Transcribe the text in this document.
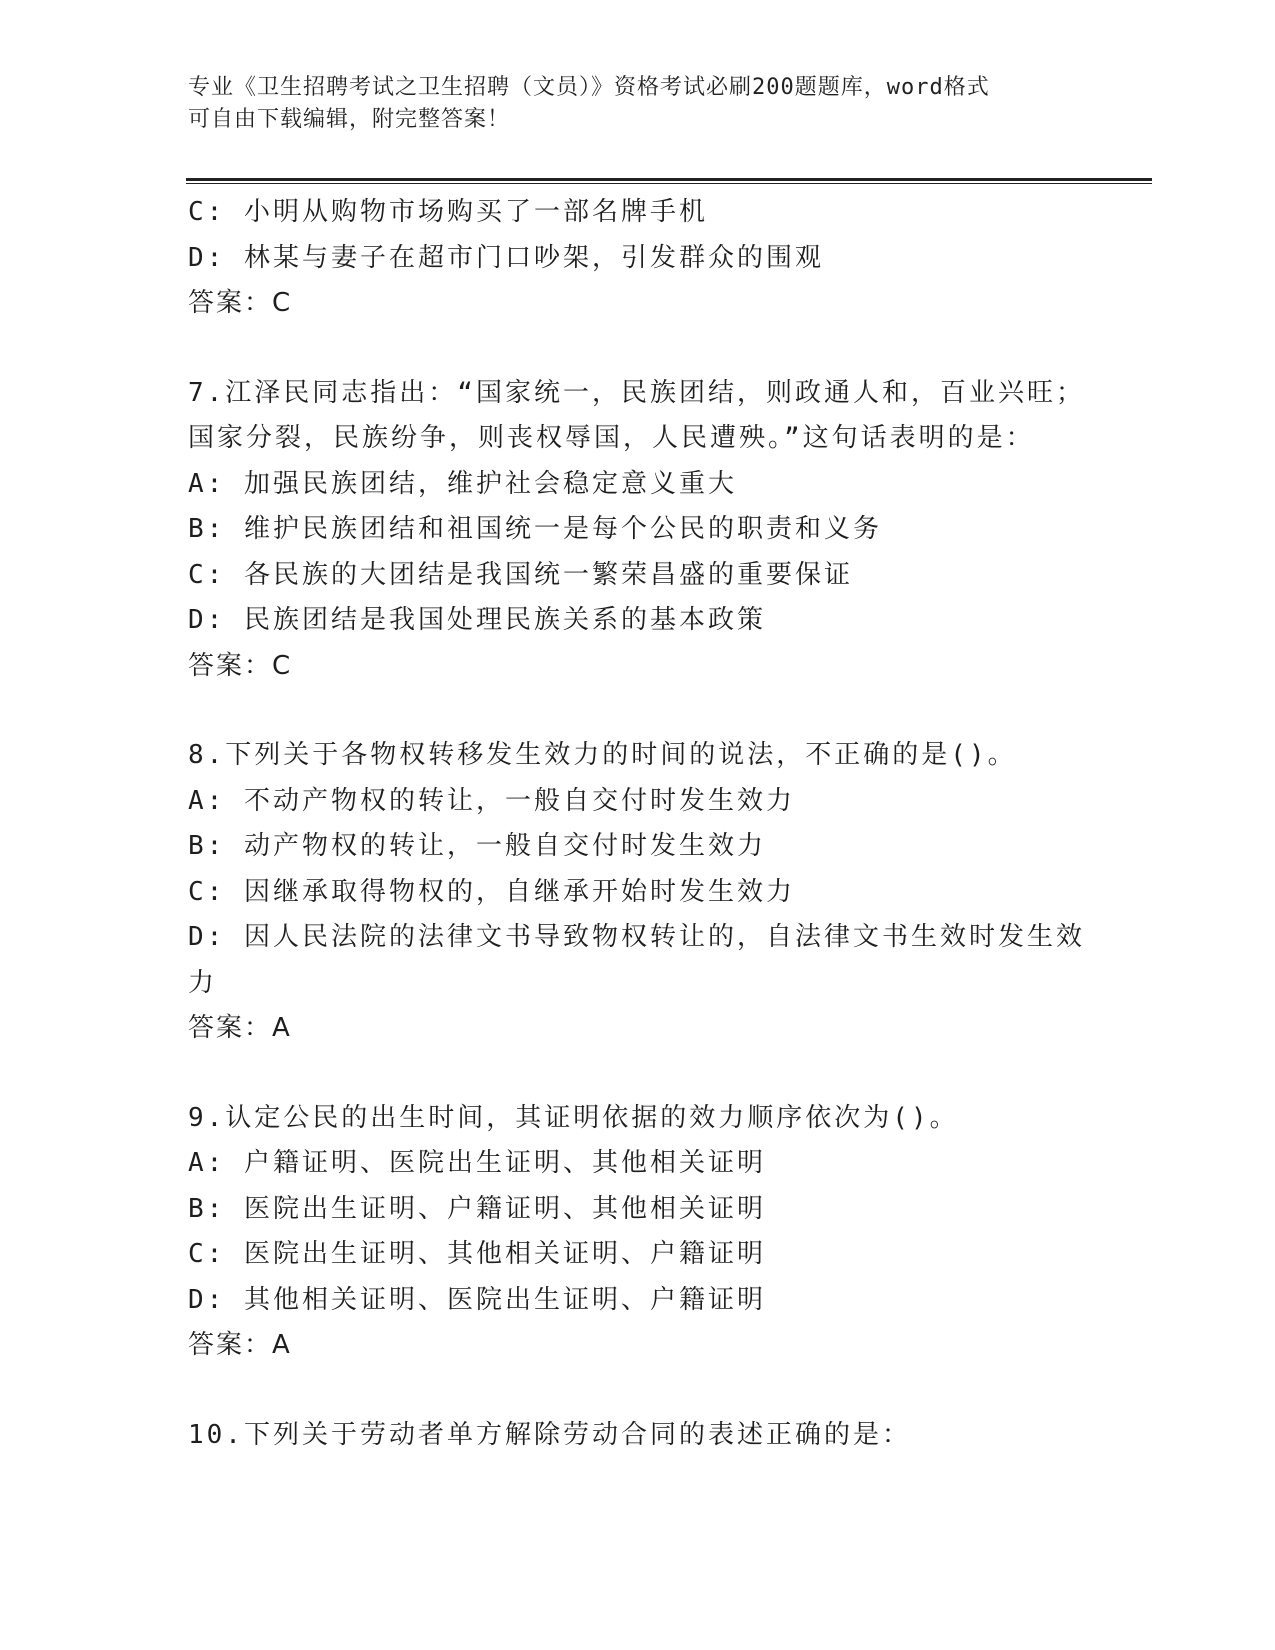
专业《卫生招聘考试之卫生招聘（文员）》资格考试必刷200题题库，word格式
可自由下载编辑，附完整答案！
C: 小明从购物市场购买了一部名牌手机
D: 林某与妻子在超市门口吵架，引发群众的围观
答案：C
7.江泽民同志指出：“国家统一，民族团结，则政通人和，百业兴旺；
国家分裂，民族纷争，则丧权辱国，人民遭殃。”这句话表明的是：
A: 加强民族团结，维护社会稳定意义重大
B: 维护民族团结和祖国统一是每个公民的职责和义务
C: 各民族的大团结是我国统一繁荣昌盛的重要保证
D: 民族团结是我国处理民族关系的基本政策
答案：C
8.下列关于各物权转移发生效力的时间的说法，不正确的是()。
A: 不动产物权的转让，一般自交付时发生效力
B: 动产物权的转让，一般自交付时发生效力
C: 因继承取得物权的，自继承开始时发生效力
D: 因人民法院的法律文书导致物权转让的，自法律文书生效时发生效
力
答案：A
9.认定公民的出生时间，其证明依据的效力顺序依次为()。
A: 户籍证明、医院出生证明、其他相关证明
B: 医院出生证明、户籍证明、其他相关证明
C: 医院出生证明、其他相关证明、户籍证明
D: 其他相关证明、医院出生证明、户籍证明
答案：A
10.下列关于劳动者单方解除劳动合同的表述正确的是：
